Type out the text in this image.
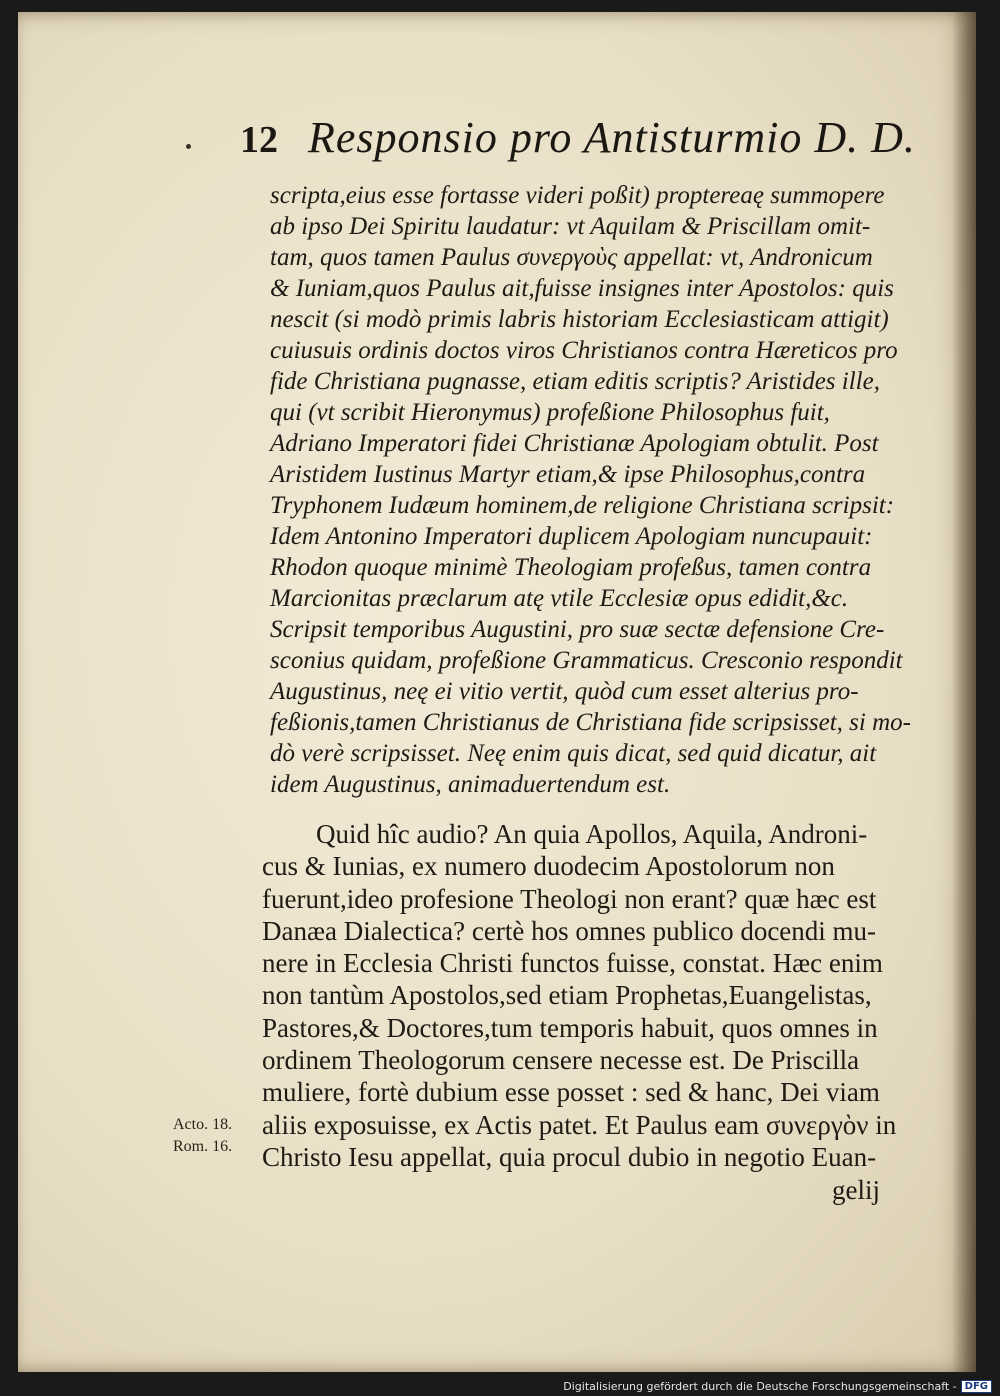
12 Responsio pro Antisturmio D. D.
scripta,eius esse fortasse videri poßit) proptereaę summopere
ab ipso Dei Spiritu laudatur: vt Aquilam & Priscillam omit-
tam, quos tamen Paulus συνεργοὺς appellat: vt, Andronicum
& Iuniam,quos Paulus ait,fuisse insignes inter Apostolos: quis
nescit (si modò primis labris historiam Ecclesiasticam attigit)
cuiusuis ordinis doctos viros Christianos contra Hæreticos pro
fide Christiana pugnasse, etiam editis scriptis? Aristides ille,
qui (vt scribit Hieronymus) profeßione Philosophus fuit,
Adriano Imperatori fidei Christianæ Apologiam obtulit. Post
Aristidem Iustinus Martyr etiam,& ipse Philosophus,contra
Tryphonem Iudæum hominem,de religione Christiana scripsit:
Idem Antonino Imperatori duplicem Apologiam nuncupauit:
Rhodon quoque minimè Theologiam profeßus, tamen contra
Marcionitas præclarum atę vtile Ecclesiæ opus edidit,&c.
Scripsit temporibus Augustini, pro suæ sectæ defensione Cre-
sconius quidam, profeßione Grammaticus. Cresconio respondit
Augustinus, neę ei vitio vertit, quòd cum esset alterius pro-
feßionis,tamen Christianus de Christiana fide scripsisset, si mo-
dò verè scripsisset. Neę enim quis dicat, sed quid dicatur, ait
idem Augustinus, animaduertendum est.
Quid hîc audio? An quia Apollos, Aquila, Androni-
cus & Iunias, ex numero duodecim Apostolorum non
fuerunt,ideo profesione Theologi non erant? quæ hæc est
Danæa Dialectica? certè hos omnes publico docendi mu-
nere in Ecclesia Christi functos fuisse, constat. Hæc enim
non tantùm Apostolos,sed etiam Prophetas,Euangelistas,
Pastores,& Doctores,tum temporis habuit, quos omnes in
ordinem Theologorum censere necesse est. De Priscilla
muliere, fortè dubium esse posset : sed & hanc, Dei viam
aliis exposuisse, ex Actis patet. Et Paulus eam συνεργὸν in
Christo Iesu appellat, quia procul dubio in negotio Euan-
Acto. 18.
Rom. 16.
gelij
Digitalisierung gefördert durch die Deutsche Forschungsgemeinschaft - DFG
